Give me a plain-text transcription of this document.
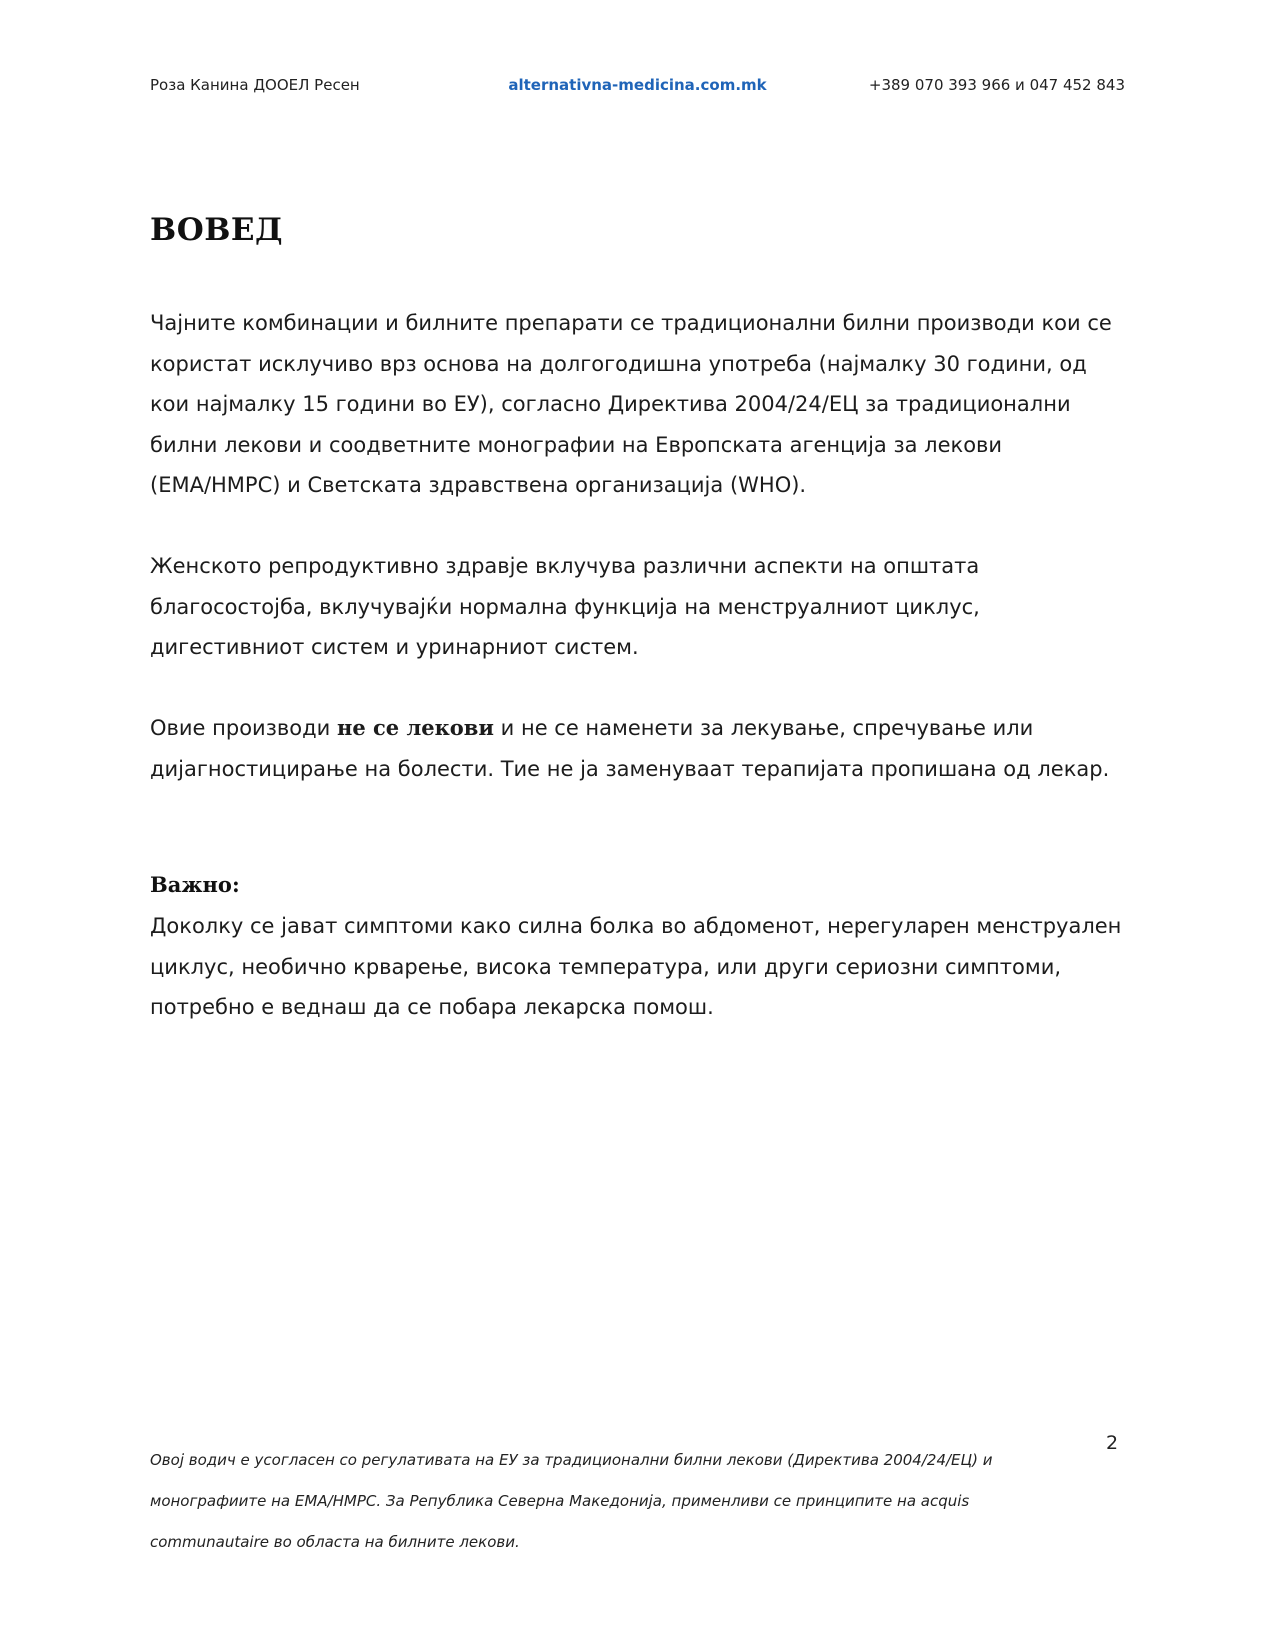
Роза Канина ДООЕЛ Ресен	alternativna-medicina.com.mk	+389 070 393 966 и 047 452 843
ВОВЕД

Чајните комбинации и билните препарати се традиционални билни производи кои се користат исклучиво врз основа на долгогодишна употреба (најмалку 30 години, од кои најмалку 15 години во ЕУ), согласно Директива 2004/24/ЕЦ за традиционални билни лекови и соодветните монографии на Европската агенција за лекови (ЕМА/HMPC) и Светската здравствена организација (WHO).

Женското репродуктивно здравје вклучува различни аспекти на општата благосостојба, вклучувајќи нормална функција на менструалниот циклус, дигестивниот систем и уринарниот систем.

Овие производи не се лекови и не се наменети за лекување, спречување или дијагностицирање на болести. Тие не ја заменуваат терапијата пропишана од лекар.

Важно:

Доколку се јават симптоми како силна болка во абдоменот, нерегуларен менструален циклус, необично крварење, висока температура, или други сериозни симптоми, потребно е веднаш да се побара лекарска помош.

2

Овој водич е усогласен со регулативата на ЕУ за традиционални билни лекови (Директива 2004/24/ЕЦ) и монографиите на ЕМА/HMPC. За Република Северна Македонија, применливи се принципите на acquis communautaire во областа на билните лекови.
